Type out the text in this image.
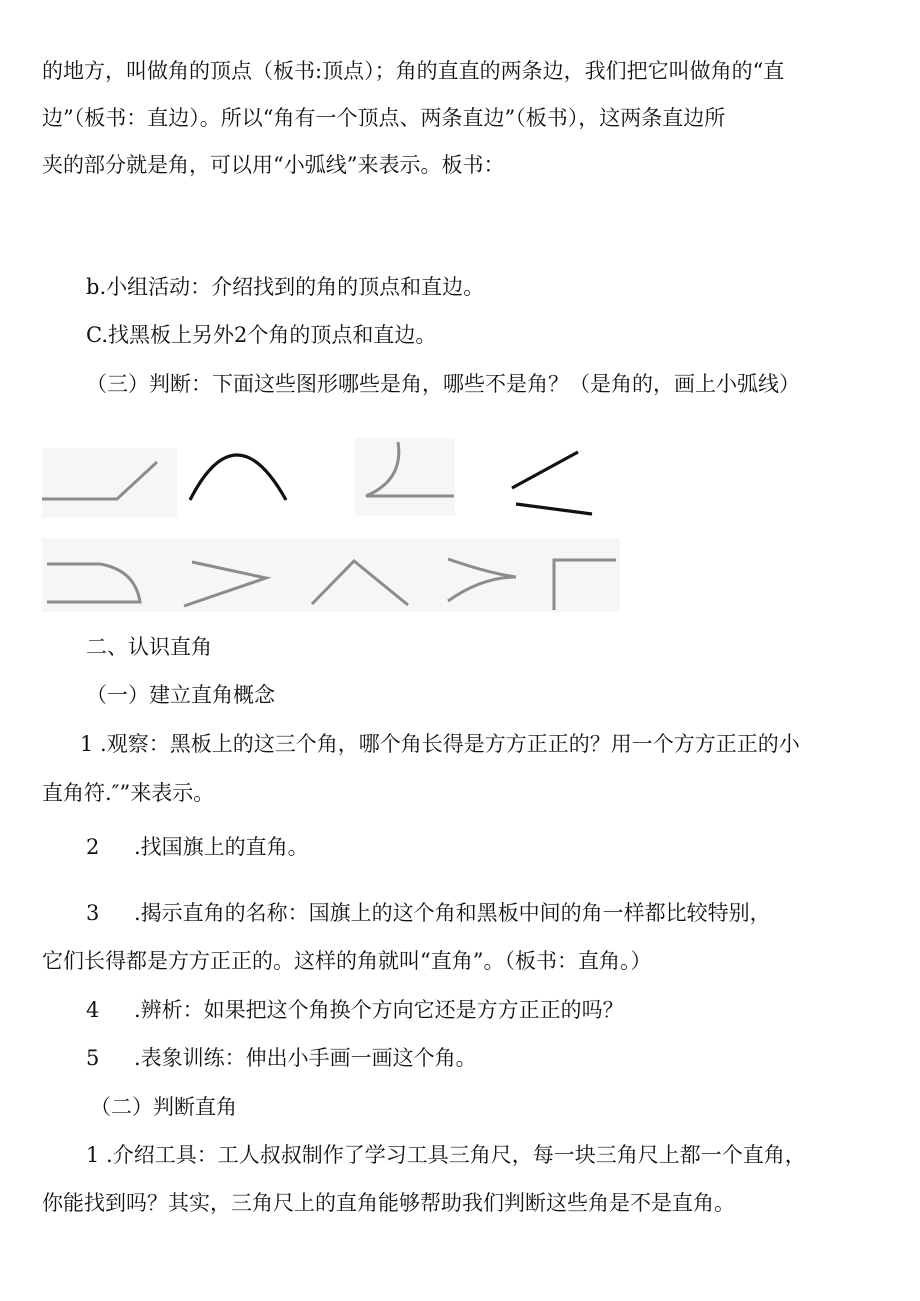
的地方，叫做角的顶点（板书:顶点）；角的直直的两条边，我们把它叫做角的“直
边”（板书：直边）。所以“角有一个顶点、两条直边”（板书），这两条直边所
夹的部分就是角，可以用“小弧线”来表示。板书：
b.小组活动：介绍找到的角的顶点和直边。
C.找黑板上另外2个角的顶点和直边。
（三）判断：下面这些图形哪些是角，哪些不是角？（是角的，画上小弧线）
二、认识直角
（一）建立直角概念
1 .观察：黑板上的这三个角，哪个角长得是方方正正的？用一个方方正正的小
直角符.″”来表示。
2 .找国旗上的直角。
3 .揭示直角的名称：国旗上的这个角和黑板中间的角一样都比较特别，
它们长得都是方方正正的。这样的角就叫“直角”。（板书：直角。）
4 .辨析：如果把这个角换个方向它还是方方正正的吗？
5 .表象训练：伸出小手画一画这个角。
（二）判断直角
1 .介绍工具：工人叔叔制作了学习工具三角尺，每一块三角尺上都一个直角，
你能找到吗？其实，三角尺上的直角能够帮助我们判断这些角是不是直角。
